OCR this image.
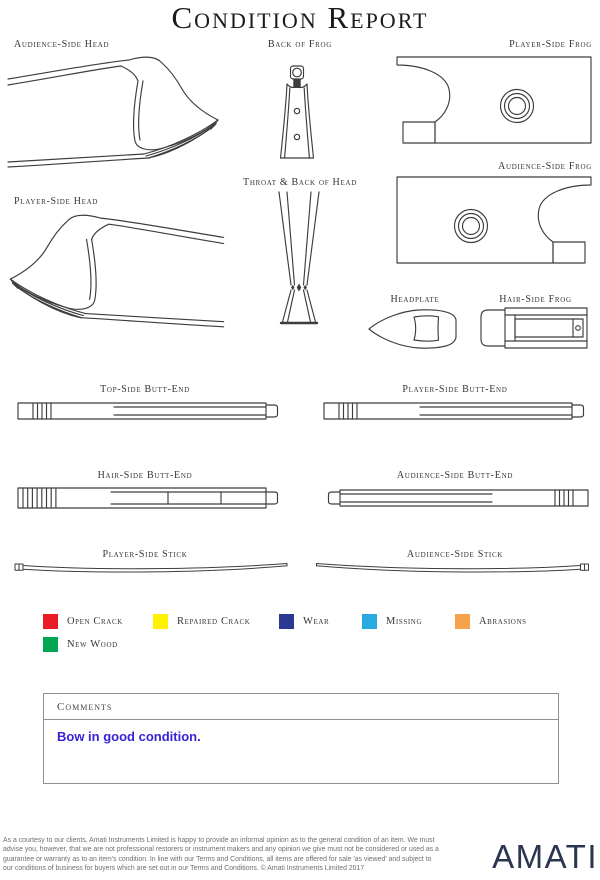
Condition Report
Audience-Side Head	Back of Frog	Player-Side Frog
Audience-Side Frog
Player-Side Head
Throat & Back of Head
Headplate	Hair-Side Frog
Top-Side Butt-End	Player-Side Butt-End
Hair-Side Butt-End	Audience-Side Butt-End
Player-Side Stick	Audience-Side Stick
Open Crack	Repaired Crack	Wear	Missing	Abrasions
New Wood
Comments
Bow in good condition.
As a courtesy to our clients, Amati Instruments Limited is happy to provide an informal opinion as to the general condition of an item. We must advise you, however, that we are not professional restorers or instrument makers and any opinion we give must not be considered or used as a guarantee or warranty as to an item's condition. In line with our Terms and Conditions, all items are offered for sale 'as viewed' and subject to our conditions of business for buyers which are set out in our Terms and Conditions. © Amati Instruments Limited 2017	AMATI
